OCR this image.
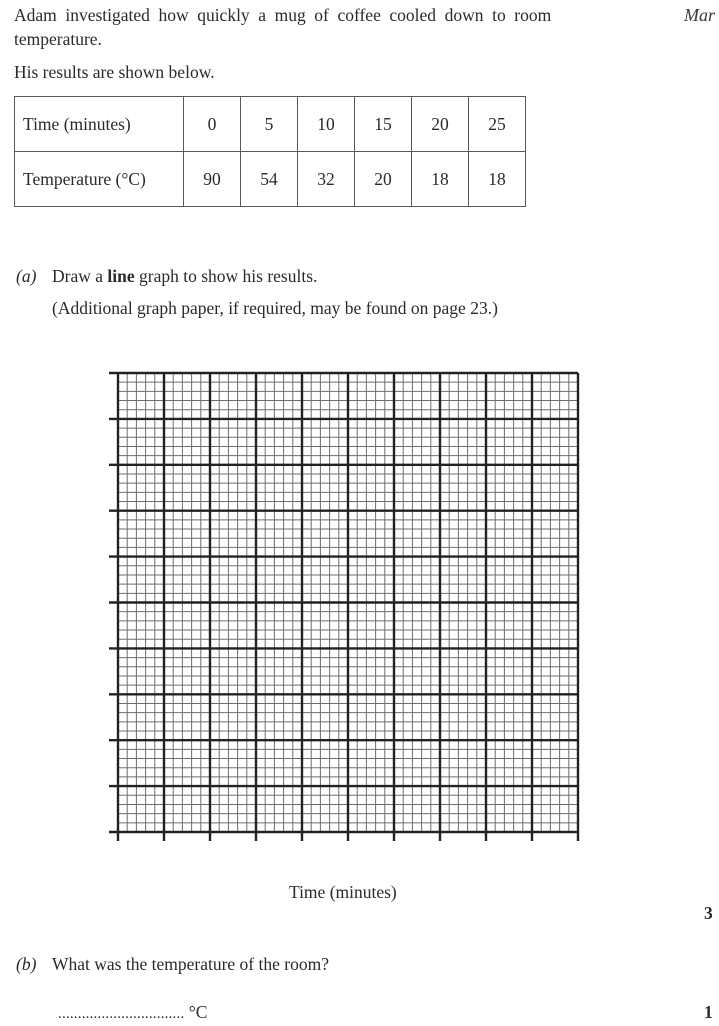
Adam investigated how quickly a mug of coffee cooled down to room
temperature.
His results are shown below.
Mar
Time (minutes)	0	5	10	15	20	25
Temperature (°C)	90	54	32	20	18	18
(a) Draw a line graph to show his results.
(Additional graph paper, if required, may be found on page 23.)
Time (minutes)
3
(b) What was the temperature of the room?
................................ °C	1
